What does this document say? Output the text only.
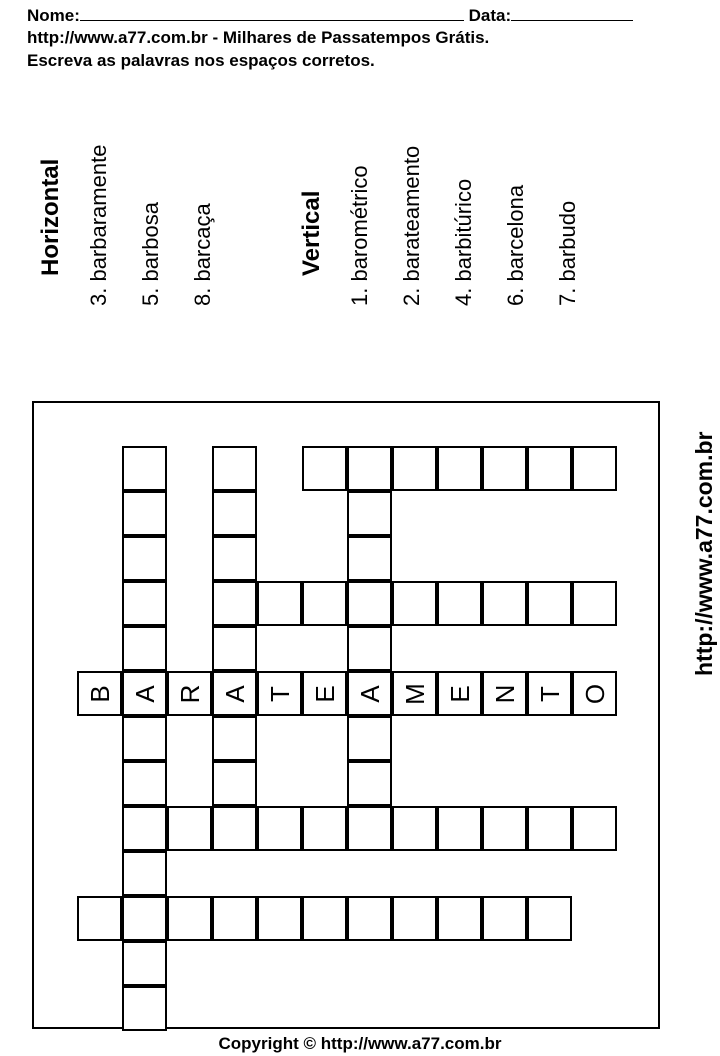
Nome:	Data:
http://www.a77.com.br - Milhares de Passatempos Grátis.
Escreva as palavras nos espaços corretos.
Horizontal 3. barbaramente 5. barbosa 8. barcaça	Vertical 1. barométrico 2. barateamento 4. barbitúrico 6. barcelona 7. barbudo
A A	A
B R T E M E N T O
http://www.a77.com.br
Copyright © http://www.a77.com.br
